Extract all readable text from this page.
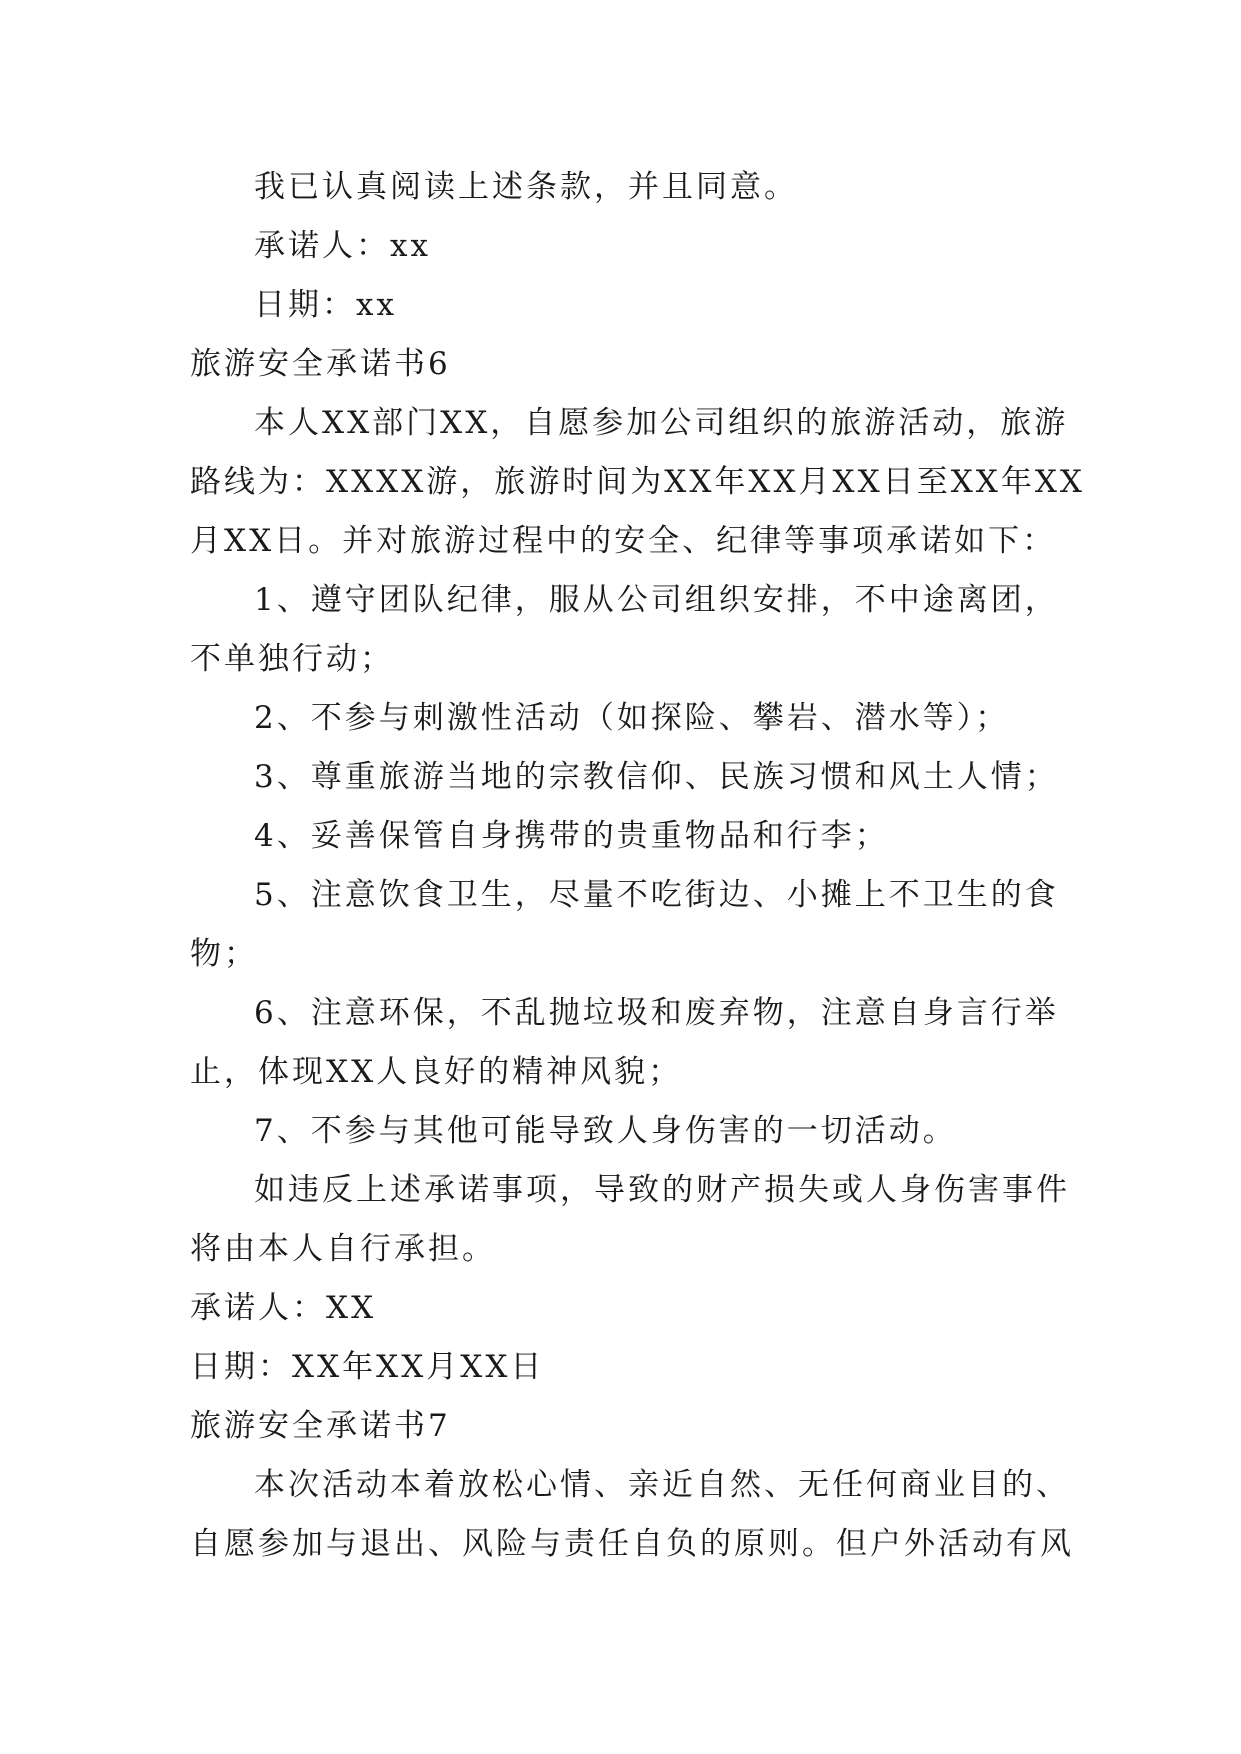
我已认真阅读上述条款，并且同意。
承诺人：xx
日期：xx
旅游安全承诺书6
本人XX部门XX，自愿参加公司组织的旅游活动，旅游
路线为：XXXX游，旅游时间为XX年XX月XX日至XX年XX
月XX日。并对旅游过程中的安全、纪律等事项承诺如下：
1、遵守团队纪律，服从公司组织安排，不中途离团，
不单独行动；
2、不参与刺激性活动（如探险、攀岩、潜水等）；
3、尊重旅游当地的宗教信仰、民族习惯和风土人情；
4、妥善保管自身携带的贵重物品和行李；
5、注意饮食卫生，尽量不吃街边、小摊上不卫生的食
物；
6、注意环保，不乱抛垃圾和废弃物，注意自身言行举
止，体现XX人良好的精神风貌；
7、不参与其他可能导致人身伤害的一切活动。
如违反上述承诺事项，导致的财产损失或人身伤害事件
将由本人自行承担。
承诺人：XX
日期：XX年XX月XX日
旅游安全承诺书7
本次活动本着放松心情、亲近自然、无任何商业目的、
自愿参加与退出、风险与责任自负的原则。但户外活动有风
